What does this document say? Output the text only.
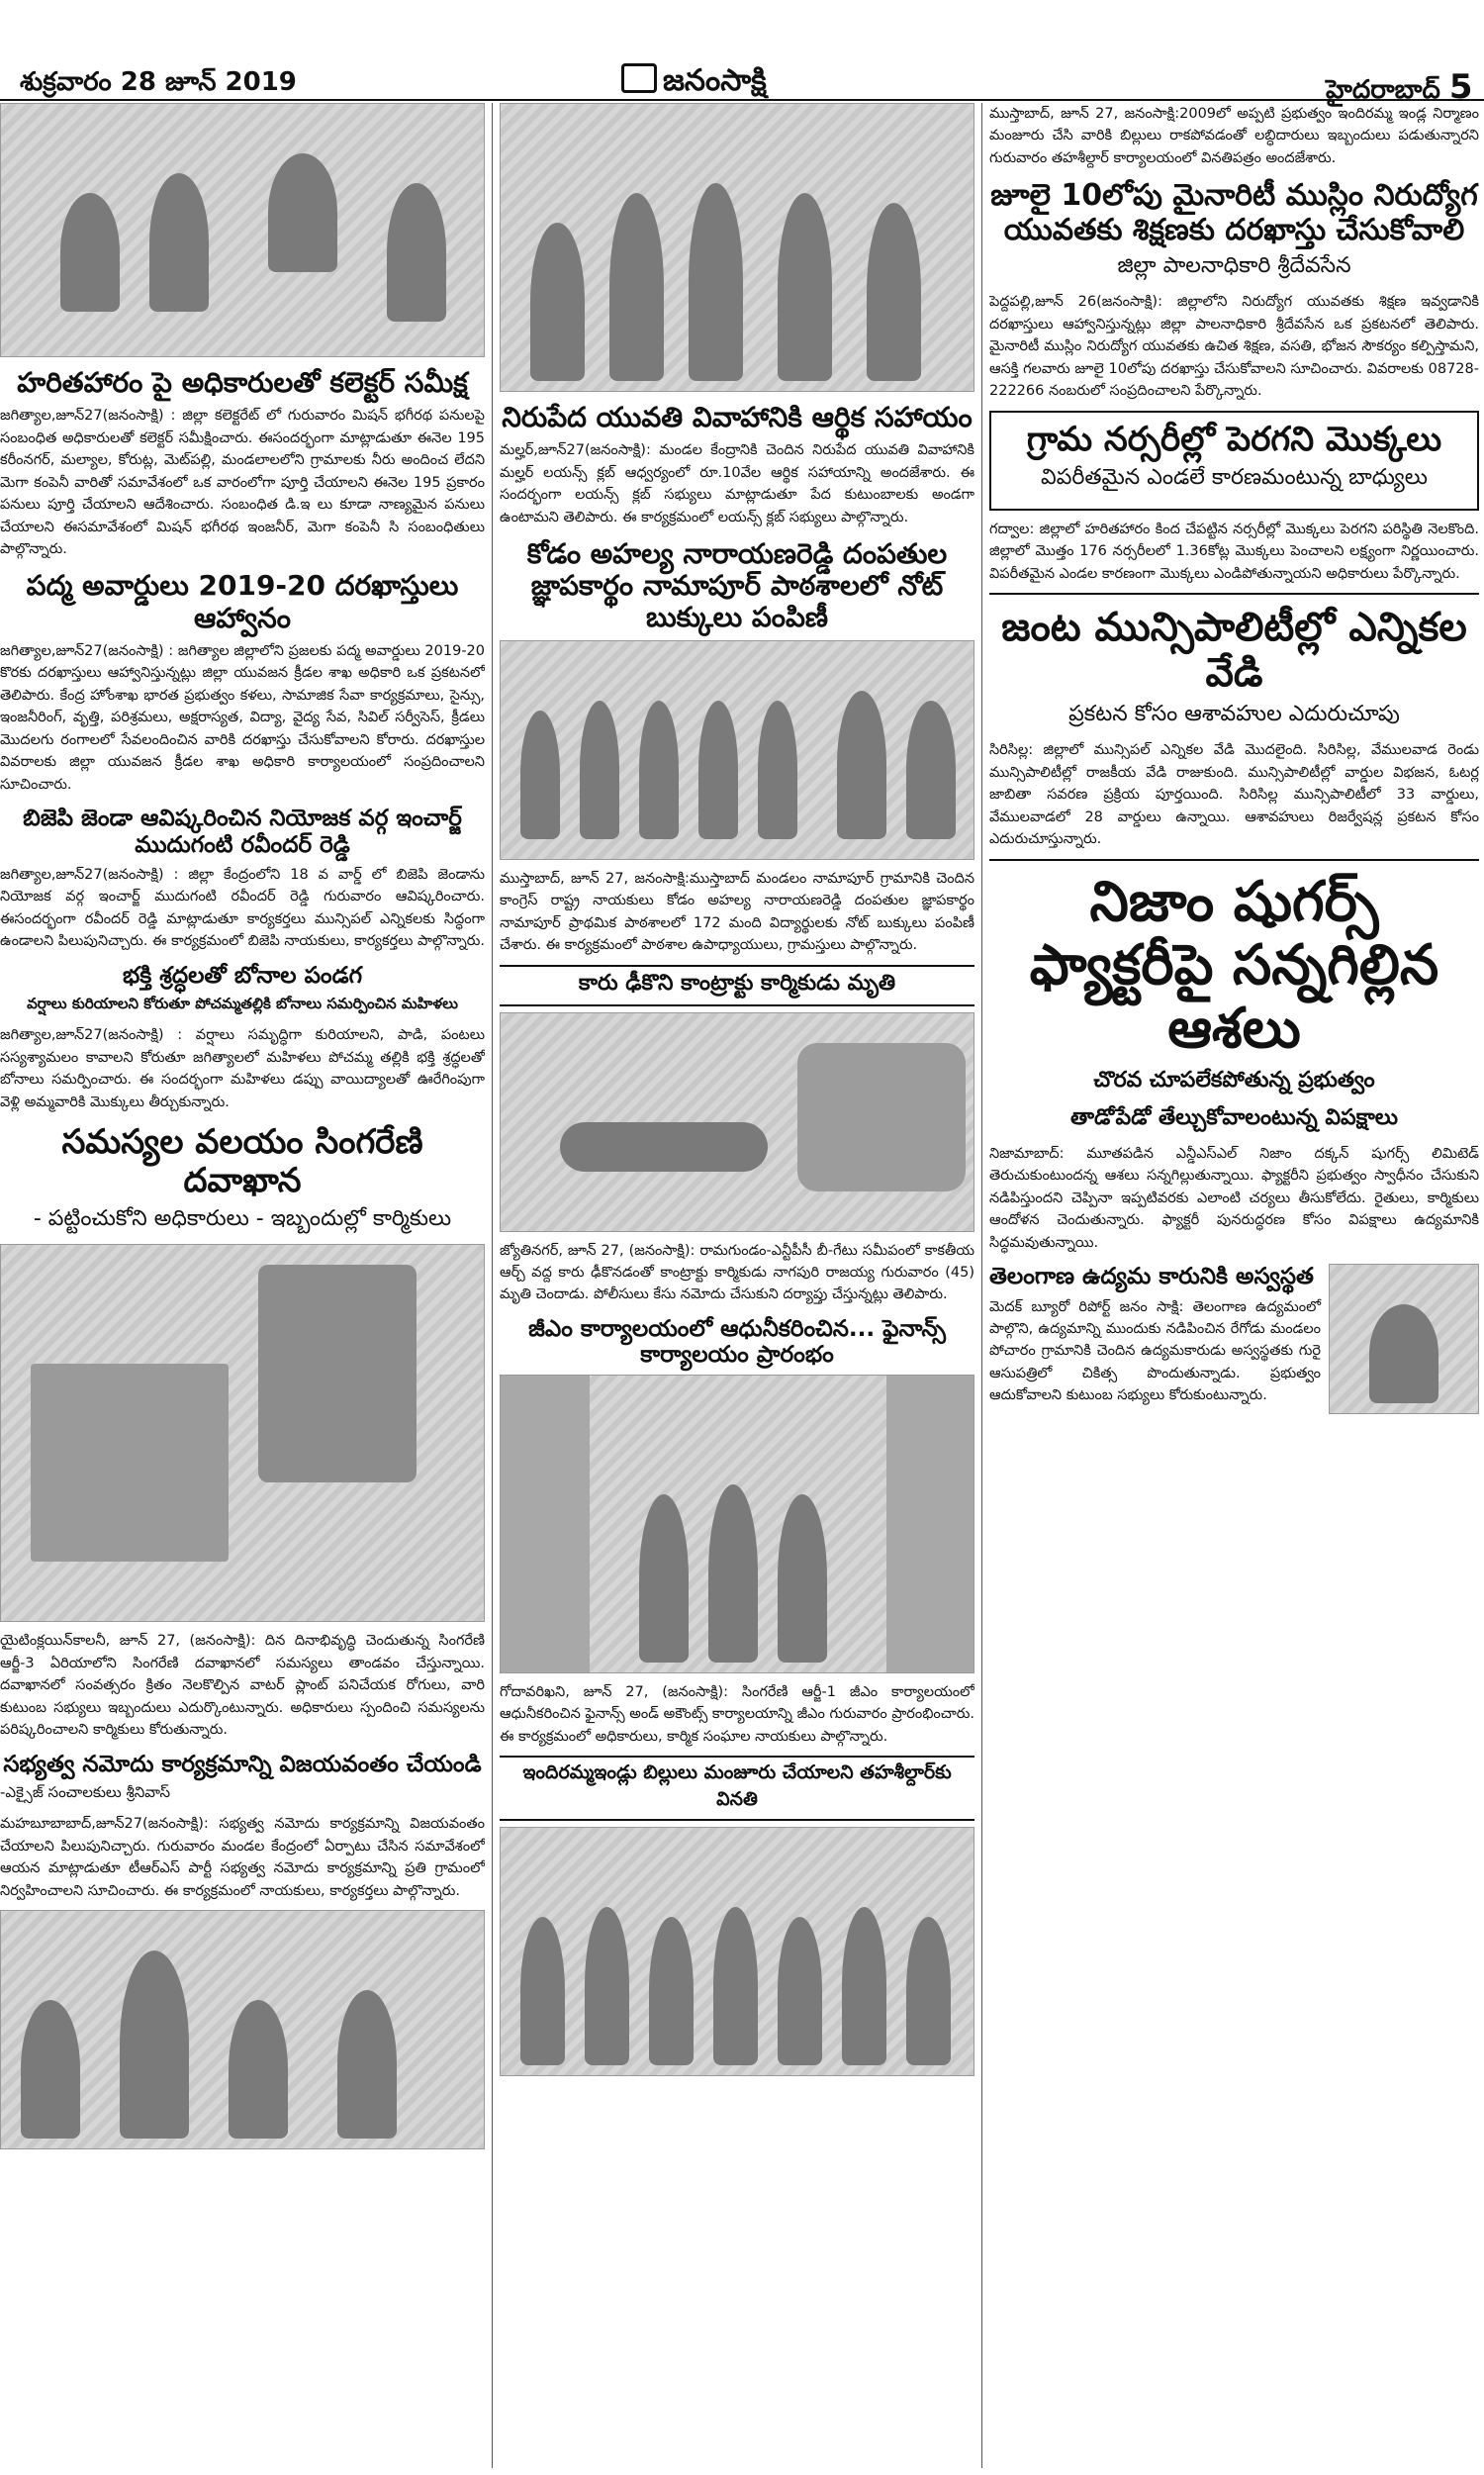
శుక్రవారం 28 జూన్ 2019	జనంసాక్షి	హైదరాబాద్ 5
హరితహారం పై అధికారులతో కలెక్టర్ సమీక్ష

జగిత్యాల,జూన్27(జనంసాక్షి) : జిల్లా కలెక్టరేట్ లో గురువారం మిషన్ భగీరథ పనులపై సంబంధిత అధికారులతో కలెక్టర్ సమీక్షించారు. ఈసందర్భంగా మాట్లాడుతూ ఈనెల 195 కరీంనగర్, మల్యాల, కోరుట్ల, మెట్‌పల్లి, మండలాలలోని గ్రామాలకు నీరు అందించ లేదని మెగా కంపెనీ వారితో సమావేశంలో ఒక వారంలోగా పూర్తి చేయాలని ఈనెల 195 ప్రకారం పనులు పూర్తి చేయాలని ఆదేశించారు. సంబంధిత డి.ఇ లు కూడా నాణ్యమైన పనులు చేయాలని ఈసమావేశంలో మిషన్ భగీరథ ఇంజనీర్, మెగా కంపెనీ సి సంబంధితులు పాల్గొన్నారు.

పద్మ అవార్డులు 2019-20 దరఖాస్తులు ఆహ్వానం

జగిత్యాల,జూన్27(జనంసాక్షి) : జగిత్యాల జిల్లాలోని ప్రజలకు పద్మ అవార్డులు 2019-20 కొరకు దరఖాస్తులు ఆహ్వానిస్తున్నట్లు జిల్లా యువజన క్రీడల శాఖ అధికారి ఒక ప్రకటనలో తెలిపారు. కేంద్ర హోంశాఖ భారత ప్రభుత్వం కళలు, సామాజిక సేవా కార్యక్రమాలు, సైన్సు, ఇంజనీరింగ్, వృత్తి, పరిశ్రమలు, అక్షరాస్యత, విద్యా, వైద్య సేవ, సివిల్ సర్వీసెస్, క్రీడలు మొదలగు రంగాలలో సేవలందించిన వారికి దరఖాస్తు చేసుకోవాలని కోరారు. దరఖాస్తుల వివరాలకు జిల్లా యువజన క్రీడల శాఖ అధికారి కార్యాలయంలో సంప్రదించాలని సూచించారు.

బిజెపి జెండా ఆవిష్కరించిన నియోజక వర్గ ఇంచార్జ్ ముదుగంటి రవీందర్ రెడ్డి

జగిత్యాల,జూన్27(జనంసాక్షి) : జిల్లా కేంద్రంలోని 18 వ వార్డ్ లో బిజెపి జెండాను నియోజక వర్గ ఇంచార్జ్ ముదుగంటి రవీందర్ రెడ్డి గురువారం ఆవిష్కరించారు. ఈసందర్భంగా రవీందర్ రెడ్డి మాట్లాడుతూ కార్యకర్తలు మున్సిపల్ ఎన్నికలకు సిద్ధంగా ఉండాలని పిలుపునిచ్చారు. ఈ కార్యక్రమంలో బిజెపి నాయకులు, కార్యకర్తలు పాల్గొన్నారు.

భక్తి శ్రద్ధలతో బోనాల పండగ
వర్షాలు కురియాలని కోరుతూ పోచమ్మతల్లికి బోనాలు సమర్పించిన మహిళలు

జగిత్యాల,జూన్27(జనంసాక్షి) : వర్షాలు సమృద్ధిగా కురియాలని, పాడి, పంటలు సస్యశ్యామలం కావాలని కోరుతూ జగిత్యాలలో మహిళలు పోచమ్మ తల్లికి భక్తి శ్రద్ధలతో బోనాలు సమర్పించారు. ఈ సందర్భంగా మహిళలు డప్పు వాయిద్యాలతో ఊరేగింపుగా వెళ్లి అమ్మవారికి మొక్కులు తీర్చుకున్నారు.

సమస్యల వలయం సింగరేణి దవాఖాన
- పట్టించుకోని అధికారులు - ఇబ్బందుల్లో కార్మికులు

యైటింక్లయిన్‌కాలనీ, జూన్ 27, (జనంసాక్షి): దిన దినాభివృద్ధి చెందుతున్న సింగరేణి ఆర్జీ-3 ఏరియాలోని సింగరేణి దవాఖానలో సమస్యలు తాండవం చేస్తున్నాయి. దవాఖానలో సంవత్సరం క్రితం నెలకొల్పిన వాటర్ ప్లాంట్ పనిచేయక రోగులు, వారి కుటుంబ సభ్యులు ఇబ్బందులు ఎదుర్కొంటున్నారు. అధికారులు స్పందించి సమస్యలను పరిష్కరించాలని కార్మికులు కోరుతున్నారు.

సభ్యత్వ నమోదు కార్యక్రమాన్ని విజయవంతం చేయండి
-ఎక్సైజ్ సంచాలకులు శ్రీనివాస్

మహబూబాబాద్,జూన్27(జనంసాక్షి): సభ్యత్వ నమోదు కార్యక్రమాన్ని విజయవంతం చేయాలని పిలుపునిచ్చారు. గురువారం మండల కేంద్రంలో ఏర్పాటు చేసిన సమావేశంలో ఆయన మాట్లాడుతూ టీఆర్ఎస్ పార్టీ సభ్యత్వ నమోదు కార్యక్రమాన్ని ప్రతి గ్రామంలో నిర్వహించాలని సూచించారు. ఈ కార్యక్రమంలో నాయకులు, కార్యకర్తలు పాల్గొన్నారు.

నిరుపేద యువతి వివాహానికి ఆర్థిక సహాయం

మల్హర్,జూన్27(జనంసాక్షి): మండల కేంద్రానికి చెందిన నిరుపేద యువతి వివాహానికి మల్హర్ లయన్స్ క్లబ్ ఆధ్వర్యంలో రూ.10వేల ఆర్థిక సహాయాన్ని అందజేశారు. ఈ సందర్భంగా లయన్స్ క్లబ్ సభ్యులు మాట్లాడుతూ పేద కుటుంబాలకు అండగా ఉంటామని తెలిపారు. ఈ కార్యక్రమంలో లయన్స్ క్లబ్ సభ్యులు పాల్గొన్నారు.

కోడం అహల్య నారాయణరెడ్డి దంపతుల జ్ఞాపకార్థం నామాపూర్ పాఠశాలలో నోట్ బుక్కులు పంపిణీ

ముస్తాబాద్, జూన్ 27, జనంసాక్షి:ముస్తాబాద్ మండలం నామాపూర్ గ్రామానికి చెందిన కాంగ్రెస్ రాష్ట్ర నాయకులు కోడం అహల్య నారాయణరెడ్డి దంపతుల జ్ఞాపకార్థం నామాపూర్ ప్రాథమిక పాఠశాలలో 172 మంది విద్యార్థులకు నోట్ బుక్కులు పంపిణీ చేశారు. ఈ కార్యక్రమంలో పాఠశాల ఉపాధ్యాయులు, గ్రామస్తులు పాల్గొన్నారు.

కారు ఢీకొని కాంట్రాక్టు కార్మికుడు మృతి

జ్యోతినగర్, జూన్ 27, (జనంసాక్షి): రామగుండం-ఎన్టీపీసీ బీ-గేటు సమీపంలో కాకతీయ ఆర్చ్ వద్ద కారు ఢీకొనడంతో కాంట్రాక్టు కార్మికుడు నాగపురి రాజయ్య గురువారం (45) మృతి చెందాడు. పోలీసులు కేసు నమోదు చేసుకుని దర్యాప్తు చేస్తున్నట్లు తెలిపారు.

జీఎం కార్యాలయంలో ఆధునీకరించిన... ఫైనాన్స్ కార్యాలయం ప్రారంభం

గోదావరిఖని, జూన్ 27, (జనంసాక్షి): సింగరేణి ఆర్జీ-1 జీఎం కార్యాలయంలో ఆధునీకరించిన ఫైనాన్స్ అండ్ అకౌంట్స్ కార్యాలయాన్ని జీఎం గురువారం ప్రారంభించారు. ఈ కార్యక్రమంలో అధికారులు, కార్మిక సంఘాల నాయకులు పాల్గొన్నారు.

ఇందిరమ్మఇండ్లు బిల్లులు మంజూరు చేయాలని తహశీల్దార్‌కు వినతి

ముస్తాబాద్, జూన్ 27, జనంసాక్షి:2009లో అప్పటి ప్రభుత్వం ఇందిరమ్మ ఇండ్ల నిర్మాణం మంజూరు చేసి వారికి బిల్లులు రాకపోవడంతో లబ్ధిదారులు ఇబ్బందులు పడుతున్నారని గురువారం తహశీల్దార్ కార్యాలయంలో వినతిపత్రం అందజేశారు.

జూలై 10లోపు మైనారిటీ ముస్లిం నిరుద్యోగ యువతకు శిక్షణకు దరఖాస్తు చేసుకోవాలి
జిల్లా పాలనాధికారి శ్రీదేవసేన

పెద్దపల్లి,జూన్ 26(జనంసాక్షి): జిల్లాలోని నిరుద్యోగ యువతకు శిక్షణ ఇవ్వడానికి దరఖాస్తులు ఆహ్వానిస్తున్నట్లు జిల్లా పాలనాధికారి శ్రీదేవసేన ఒక ప్రకటనలో తెలిపారు. మైనారిటీ ముస్లిం నిరుద్యోగ యువతకు ఉచిత శిక్షణ, వసతి, భోజన సౌకర్యం కల్పిస్తామని, ఆసక్తి గలవారు జూలై 10లోపు దరఖాస్తు చేసుకోవాలని సూచించారు. వివరాలకు 08728-222266 నంబరులో సంప్రదించాలని పేర్కొన్నారు.

గ్రామ నర్సరీల్లో పెరగని మొక్కలు
విపరీతమైన ఎండలే కారణమంటున్న బాధ్యులు

గద్వాల: జిల్లాలో హరితహారం కింద చేపట్టిన నర్సరీల్లో మొక్కలు పెరగని పరిస్థితి నెలకొంది. జిల్లాలో మొత్తం 176 నర్సరీలలో 1.36కోట్ల మొక్కలు పెంచాలని లక్ష్యంగా నిర్ణయించారు. విపరీతమైన ఎండల కారణంగా మొక్కలు ఎండిపోతున్నాయని అధికారులు పేర్కొన్నారు.

జంట మున్సిపాలిటీల్లో ఎన్నికల వేడి
ప్రకటన కోసం ఆశావహుల ఎదురుచూపు

సిరిసిల్ల: జిల్లాలో మున్సిపల్ ఎన్నికల వేడి మొదలైంది. సిరిసిల్ల, వేములవాడ రెండు మున్సిపాలిటీల్లో రాజకీయ వేడి రాజుకుంది. మున్సిపాలిటీల్లో వార్డుల విభజన, ఓటర్ల జాబితా సవరణ ప్రక్రియ పూర్తయింది. సిరిసిల్ల మున్సిపాలిటీలో 33 వార్డులు, వేములవాడలో 28 వార్డులు ఉన్నాయి. ఆశావహులు రిజర్వేషన్ల ప్రకటన కోసం ఎదురుచూస్తున్నారు.

నిజాం షుగర్స్ ఫ్యాక్టరీపై సన్నగిల్లిన ఆశలు
చొరవ చూపలేకపోతున్న ప్రభుత్వం
తాడోపేడో తేల్చుకోవాలంటున్న విపక్షాలు

నిజామాబాద్: మూతపడిన ఎన్డీఎస్ఎల్ నిజాం దక్కన్ షుగర్స్ లిమిటెడ్ తెరుచుకుంటుందన్న ఆశలు సన్నగిల్లుతున్నాయి. ఫ్యాక్టరీని ప్రభుత్వం స్వాధీనం చేసుకుని నడిపిస్తుందని చెప్పినా ఇప్పటివరకు ఎలాంటి చర్యలు తీసుకోలేదు. రైతులు, కార్మికులు ఆందోళన చెందుతున్నారు. ఫ్యాక్టరీ పునరుద్ధరణ కోసం విపక్షాలు ఉద్యమానికి సిద్ధమవుతున్నాయి.

తెలంగాణ ఉద్యమ కారునికి అస్వస్థత

మెదక్ బ్యూరో రిపోర్ట్ జనం సాక్షి: తెలంగాణ ఉద్యమంలో పాల్గొని, ఉద్యమాన్ని ముందుకు నడిపించిన రేగోడు మండలం పోచారం గ్రామానికి చెందిన ఉద్యమకారుడు అస్వస్థతకు గురై ఆసుపత్రిలో చికిత్స పొందుతున్నాడు. ప్రభుత్వం ఆదుకోవాలని కుటుంబ సభ్యులు కోరుకుంటున్నారు.
